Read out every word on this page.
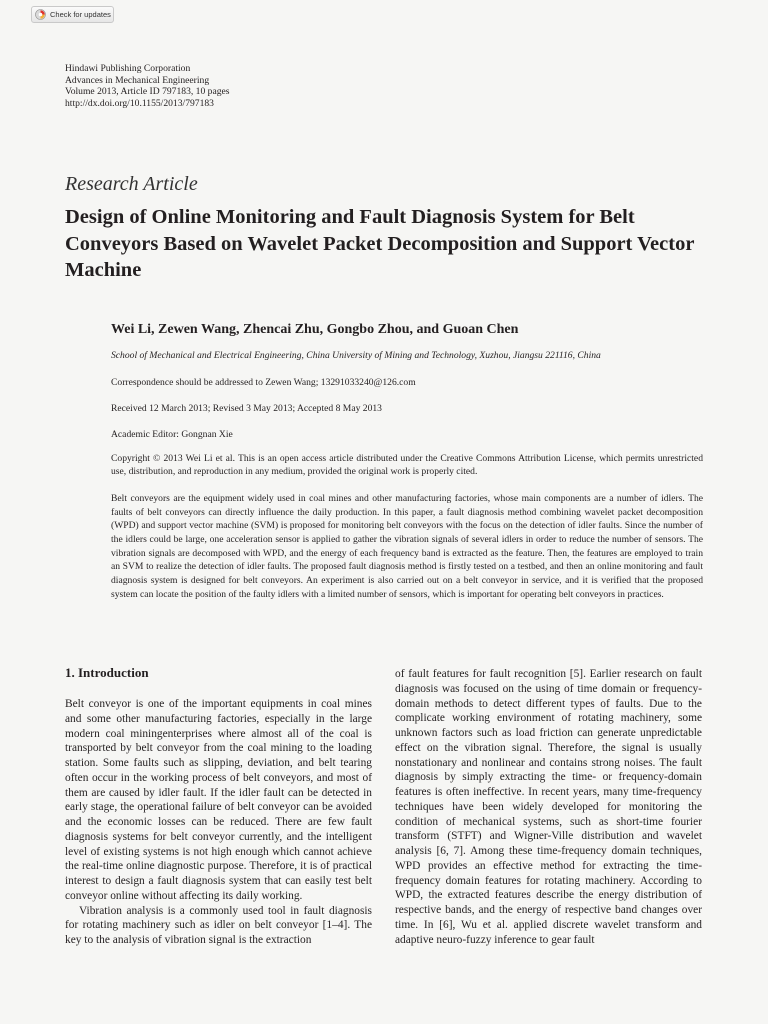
Check for updates
Hindawi Publishing Corporation
Advances in Mechanical Engineering
Volume 2013, Article ID 797183, 10 pages
http://dx.doi.org/10.1155/2013/797183
Research Article
Design of Online Monitoring and Fault Diagnosis System for Belt Conveyors Based on Wavelet Packet Decomposition and Support Vector Machine
Wei Li, Zewen Wang, Zhencai Zhu, Gongbo Zhou, and Guoan Chen
School of Mechanical and Electrical Engineering, China University of Mining and Technology, Xuzhou, Jiangsu 221116, China
Correspondence should be addressed to Zewen Wang; 13291033240@126.com
Received 12 March 2013; Revised 3 May 2013; Accepted 8 May 2013
Academic Editor: Gongnan Xie
Copyright © 2013 Wei Li et al. This is an open access article distributed under the Creative Commons Attribution License, which permits unrestricted use, distribution, and reproduction in any medium, provided the original work is properly cited.

Belt conveyors are the equipment widely used in coal mines and other manufacturing factories, whose main components are a number of idlers. The faults of belt conveyors can directly influence the daily production. In this paper, a fault diagnosis method combining wavelet packet decomposition (WPD) and support vector machine (SVM) is proposed for monitoring belt conveyors with the focus on the detection of idler faults. Since the number of the idlers could be large, one acceleration sensor is applied to gather the vibration signals of several idlers in order to reduce the number of sensors. The vibration signals are decomposed with WPD, and the energy of each frequency band is extracted as the feature. Then, the features are employed to train an SVM to realize the detection of idler faults. The proposed fault diagnosis method is firstly tested on a testbed, and then an online monitoring and fault diagnosis system is designed for belt conveyors. An experiment is also carried out on a belt conveyor in service, and it is verified that the proposed system can locate the position of the faulty idlers with a limited number of sensors, which is important for operating belt conveyors in practices.

1. Introduction

Belt conveyor is one of the important equipments in coal mines and some other manufacturing factories, especially in the large modern coal miningenterprises where almost all of the coal is transported by belt conveyor from the coal mining to the loading station. Some faults such as slipping, deviation, and belt tearing often occur in the working process of belt conveyors, and most of them are caused by idler fault. If the idler fault can be detected in early stage, the operational failure of belt conveyor can be avoided and the economic losses can be reduced. There are few fault diagnosis systems for belt conveyor currently, and the intelligent level of existing systems is not high enough which cannot achieve the real-time online diagnostic purpose. Therefore, it is of practical interest to design a fault diagnosis system that can easily test belt conveyor online without affecting its daily working.

Vibration analysis is a commonly used tool in fault diagnosis for rotating machinery such as idler on belt conveyor [1–4]. The key to the analysis of vibration signal is the extraction

of fault features for fault recognition [5]. Earlier research on fault diagnosis was focused on the using of time domain or frequency-domain methods to detect different types of faults. Due to the complicate working environment of rotating machinery, some unknown factors such as load friction can generate unpredictable effect on the vibration signal. Therefore, the signal is usually nonstationary and nonlinear and contains strong noises. The fault diagnosis by simply extracting the time- or frequency-domain features is often ineffective. In recent years, many time-frequency techniques have been widely developed for monitoring the condition of mechanical systems, such as short-time fourier transform (STFT) and Wigner-Ville distribution and wavelet analysis [6, 7]. Among these time-frequency domain techniques, WPD provides an effective method for extracting the time-frequency domain features for rotating machinery. According to WPD, the extracted features describe the energy distribution of respective bands, and the energy of respective band changes over time. In [6], Wu et al. applied discrete wavelet transform and adaptive neuro-fuzzy inference to gear fault
